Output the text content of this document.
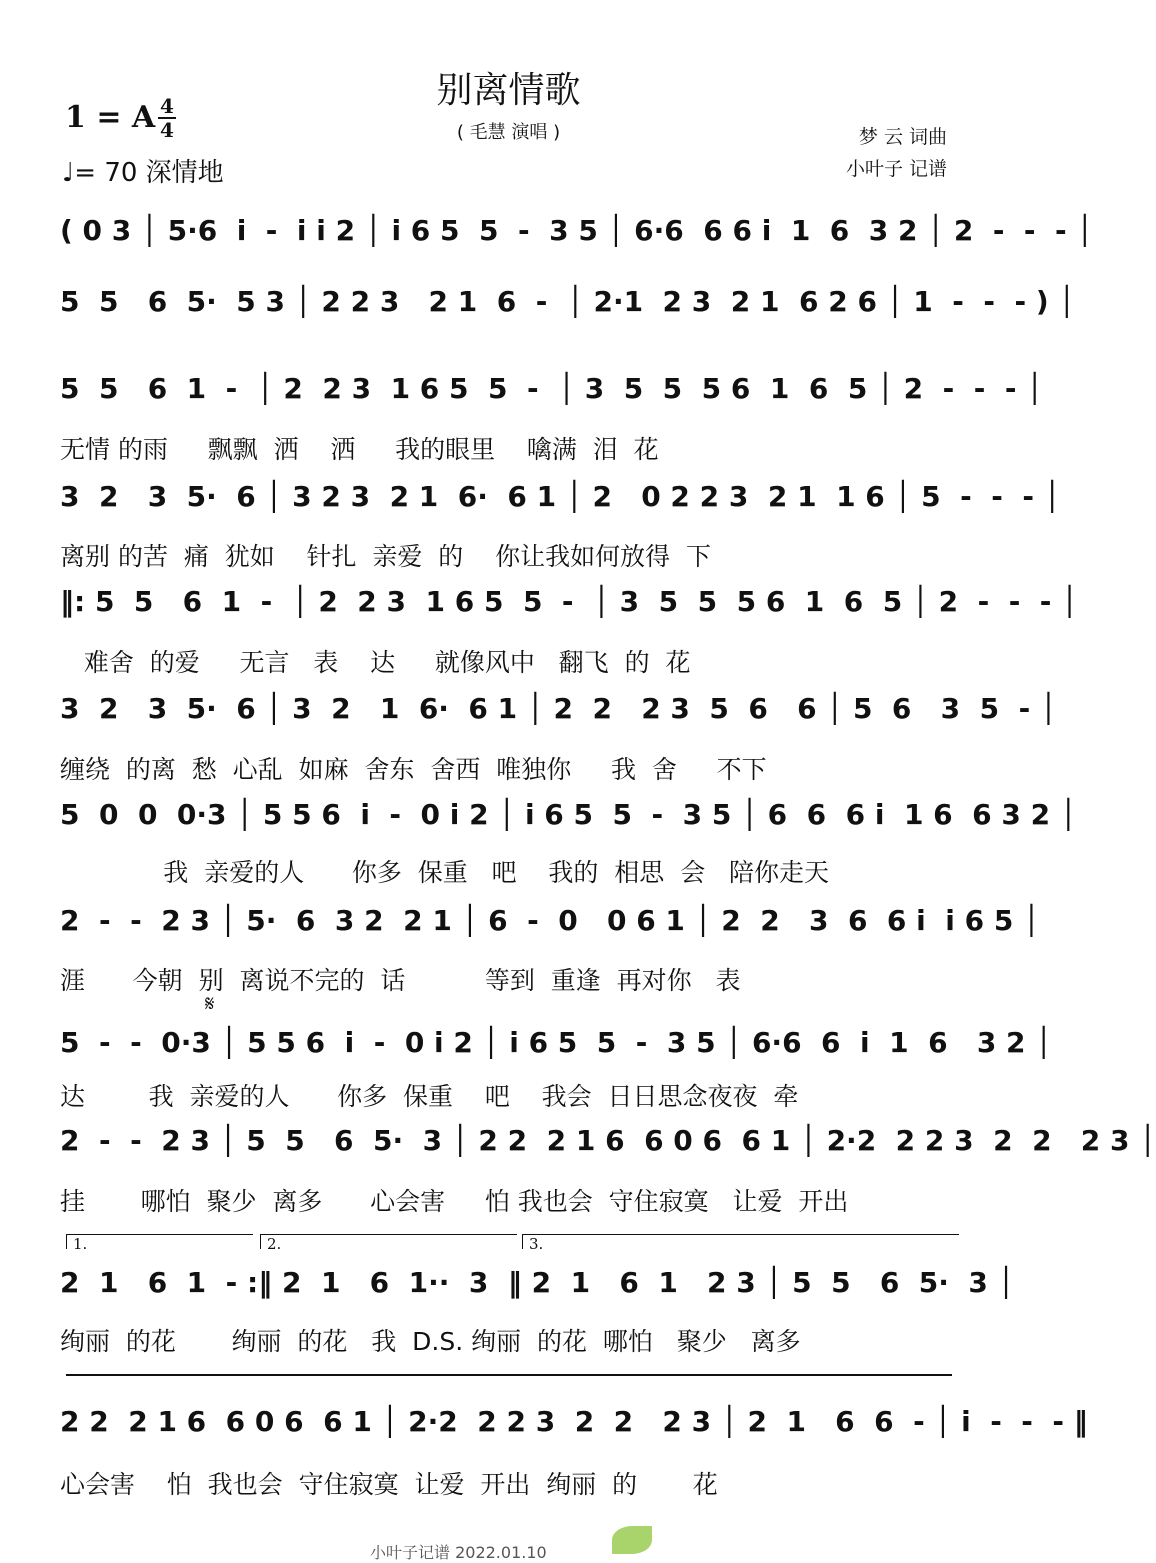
别离情歌
( 毛慧 演唱 )
1 = A 4
4
♩= 70 深情地
梦 云 词曲
小叶子 记谱
( 0 3 │ 5·6  i  -  i i 2 │ i 6 5  5  -  3 5 │ 6·6  6 6 i  1  6  3 2 │ 2  -  -  - │
5  5   6  5·  5 3 │ 2 2 3   2 1  6  -  │ 2·1  2 3  2 1  6 2 6 │ 1  -  -  - ) │
5  5   6  1  -  │ 2  2 3  1 6 5  5  -  │ 3  5  5  5 6  1  6  5 │ 2  -  -  - │
无情 的雨     飘飘  洒    洒     我的眼里    噙满  泪  花
3  2   3  5·  6 │ 3 2 3  2 1  6·  6 1 │ 2   0 2 2 3  2 1  1 6 │ 5  -  -  - │
离别 的苦  痛  犹如    针扎  亲爱  的    你让我如何放得  下
‖: 5  5   6  1  -  │ 2  2 3  1 6 5  5  -  │ 3  5  5  5 6  1  6  5 │ 2  -  -  - │
难舍  的爱     无言   表    达     就像风中   翻飞  的  花
3  2   3  5·  6 │ 3  2   1  6·  6 1 │ 2  2   2 3  5  6   6 │ 5  6   3  5  - │
缠绕  的离  愁  心乱  如麻  舍东  舍西  唯独你     我  舍     不下
5  0  0  0·3 │ 5 5 6  i  -  0 i 2 │ i 6 5  5  -  3 5 │ 6  6  6 i  1 6  6 3 2 │
我  亲爱的人      你多  保重   吧    我的  相思  会   陪你走天
2  -  -  2 3 │ 5·  6  3 2  2 1 │ 6  -  0   0 6 1 │ 2  2   3  6  6 i  i 6 5 │
涯      今朝  别  离说不完的  话          等到  重逢  再对你   表
𝄋
5  -  -  0·3 │ 5 5 6  i  -  0 i 2 │ i 6 5  5  -  3 5 │ 6·6  6  i  1  6   3 2 │
达        我  亲爱的人      你多  保重    吧    我会  日日思念夜夜  牵
2  -  -  2 3 │ 5  5   6  5·  3 │ 2 2  2 1 6  6 0 6  6 1 │ 2·2  2 2 3  2  2   2 3 │
挂       哪怕  聚少  离多      心会害     怕 我也会  守住寂寞   让爱  开出
1.	2.	3.
2  1   6  1  - :‖ 2  1   6  1··  3  ‖ 2  1   6  1   2 3 │ 5  5   6  5·  3 │
绚丽  的花       绚丽  的花   我  D.S. 绚丽  的花  哪怕   聚少   离多
2 2  2 1 6  6 0 6  6 1 │ 2·2  2 2 3  2  2   2 3 │ 2  1   6  6  - │ i  -  -  - ‖
心会害    怕  我也会  守住寂寞  让爱  开出  绚丽  的       花
小叶子记谱 2022.01.10
